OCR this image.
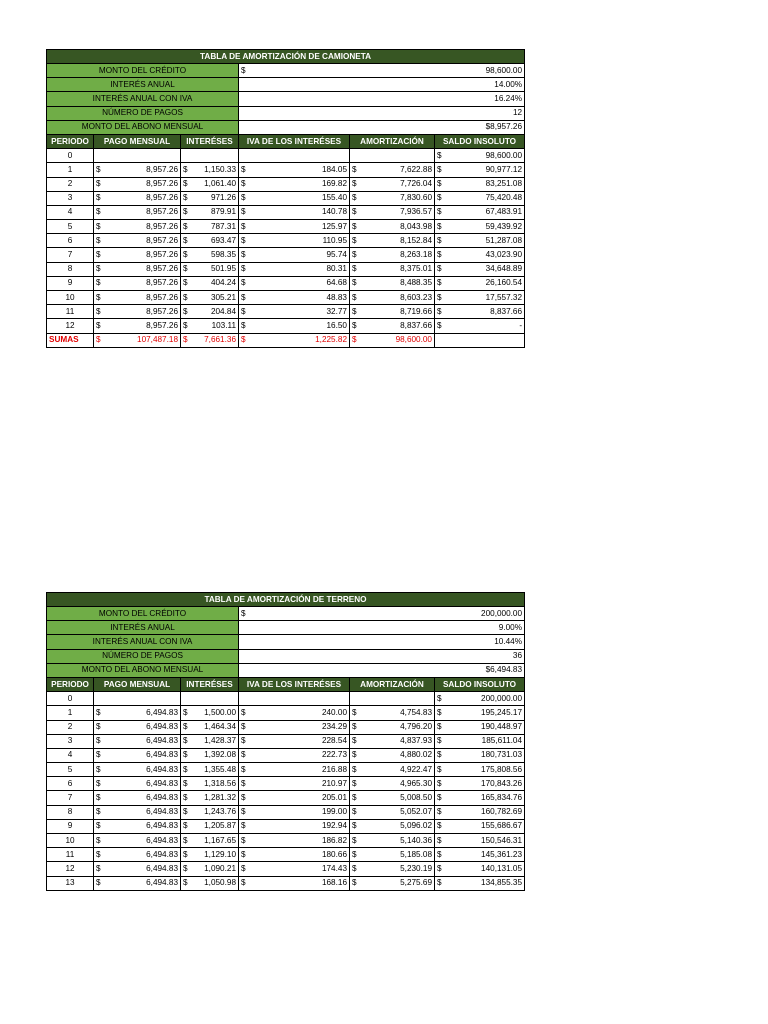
TABLA DE AMORTIZACIÓN DE CAMIONETA					
MONTO DEL CRÉDITO			$ 98,600.00		
INTERÉS ANUAL			14.00%		
INTERÉS ANUAL CON IVA			16.24%		
NÚMERO DE PAGOS			12		
MONTO DEL ABONO MENSUAL			$8,957.26		
PERIODO	PAGO MENSUAL	INTERÉSES	IVA DE LOS INTERÉSES	AMORTIZACIÓN	SALDO INSOLUTO
0					$ 98,600.00

1	$ 8,957.26	$ 1,150.33	$ 184.05	$ 7,622.88	$ 90,977.12

2	$ 8,957.26	$ 1,061.40	$ 169.82	$ 7,726.04	$ 83,251.08

3	$ 8,957.26	$ 971.26	$ 155.40	$ 7,830.60	$ 75,420.48

4	$ 8,957.26	$ 879.91	$ 140.78	$ 7,936.57	$ 67,483.91

5	$ 8,957.26	$ 787.31	$ 125.97	$ 8,043.98	$ 59,439.92

6	$ 8,957.26	$ 693.47	$ 110.95	$ 8,152.84	$ 51,287.08

7	$ 8,957.26	$ 598.35	$ 95.74	$ 8,263.18	$ 43,023.90

8	$ 8,957.26	$ 501.95	$ 80.31	$ 8,375.01	$ 34,648.89

9	$ 8,957.26	$ 404.24	$ 64.68	$ 8,488.35	$ 26,160.54

10	$ 8,957.26	$ 305.21	$ 48.83	$ 8,603.23	$ 17,557.32

11	$ 8,957.26	$ 204.84	$ 32.77	$ 8,719.66	$ 8,837.66

12	$ 8,957.26	$ 103.11	$ 16.50	$ 8,837.66	$ -

SUMAS	$ 107,487.18	$ 7,661.36	$ 1,225.82	$ 98,600.00	

TABLA DE AMORTIZACIÓN DE TERRENO					
MONTO DEL CRÉDITO			$ 200,000.00		
INTERÉS ANUAL			9.00%		
INTERÉS ANUAL CON IVA			10.44%		
NÚMERO DE PAGOS			36		
MONTO DEL ABONO MENSUAL			$6,494.83		
PERIODO	PAGO MENSUAL	INTERÉSES	IVA DE LOS INTERÉSES	AMORTIZACIÓN	SALDO INSOLUTO
0					$ 200,000.00

1	$ 6,494.83	$ 1,500.00	$ 240.00	$ 4,754.83	$ 195,245.17

2	$ 6,494.83	$ 1,464.34	$ 234.29	$ 4,796.20	$ 190,448.97

3	$ 6,494.83	$ 1,428.37	$ 228.54	$ 4,837.93	$ 185,611.04

4	$ 6,494.83	$ 1,392.08	$ 222.73	$ 4,880.02	$ 180,731.03

5	$ 6,494.83	$ 1,355.48	$ 216.88	$ 4,922.47	$ 175,808.56

6	$ 6,494.83	$ 1,318.56	$ 210.97	$ 4,965.30	$ 170,843.26

7	$ 6,494.83	$ 1,281.32	$ 205.01	$ 5,008.50	$ 165,834.76

8	$ 6,494.83	$ 1,243.76	$ 199.00	$ 5,052.07	$ 160,782.69

9	$ 6,494.83	$ 1,205.87	$ 192.94	$ 5,096.02	$ 155,686.67

10	$ 6,494.83	$ 1,167.65	$ 186.82	$ 5,140.36	$ 150,546.31

11	$ 6,494.83	$ 1,129.10	$ 180.66	$ 5,185.08	$ 145,361.23

12	$ 6,494.83	$ 1,090.21	$ 174.43	$ 5,230.19	$ 140,131.05

13	$ 6,494.83	$ 1,050.98	$ 168.16	$ 5,275.69	$ 134,855.35
